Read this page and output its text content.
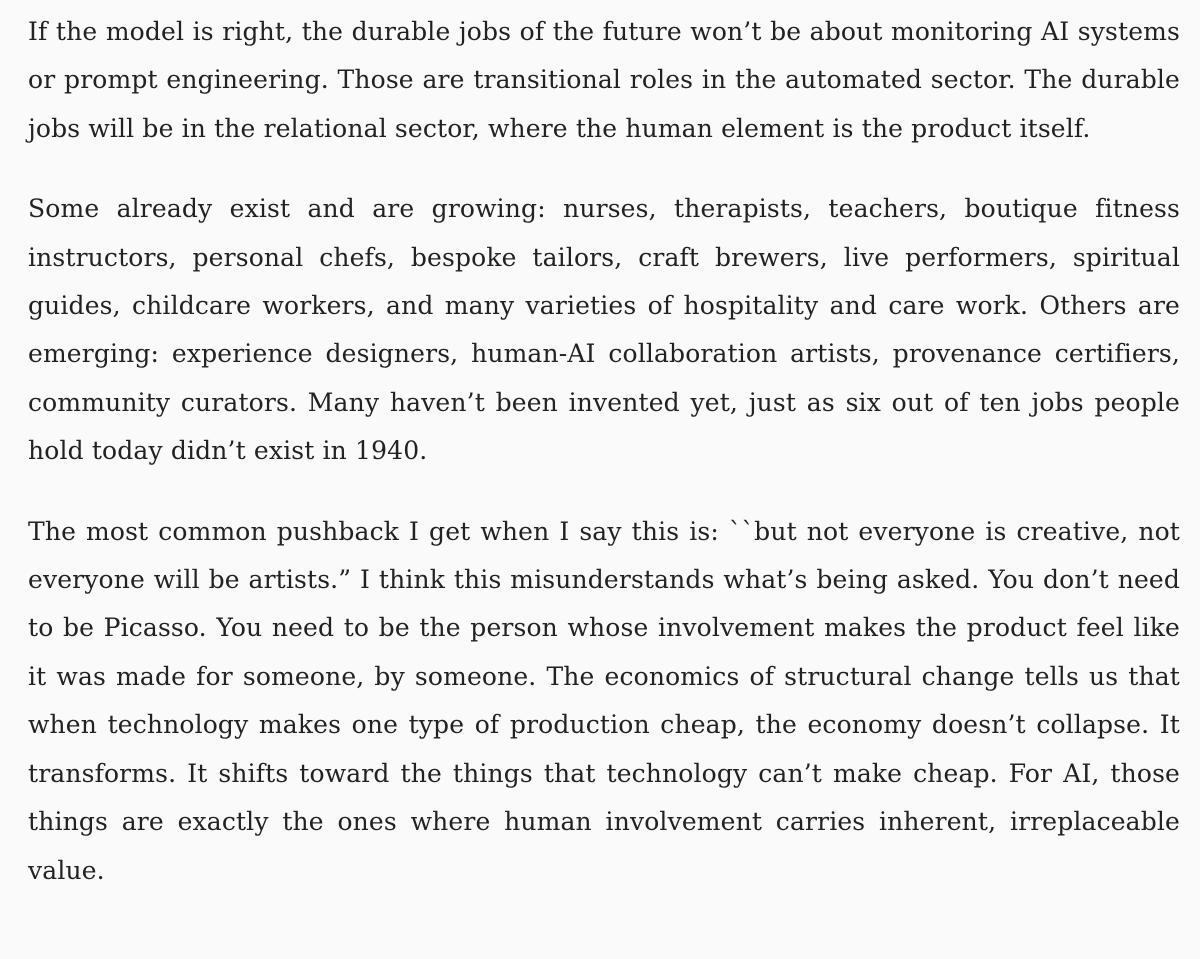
If the model is right, the durable jobs of the future won’t be about monitoring AI systems or prompt engineering. Those are transitional roles in the automated sector. The durable jobs will be in the relational sector, where the human element is the product itself.

Some already exist and are growing: nurses, therapists, teachers, boutique fitness instructors, personal chefs, bespoke tailors, craft brewers, live performers, spiritual guides, childcare workers, and many varieties of hospitality and care work. Others are emerging: experience designers, human-AI collaboration artists, provenance certifiers, community curators. Many haven’t been invented yet, just as six out of ten jobs people hold today didn’t exist in 1940.

The most common pushback I get when I say this is: ``but not everyone is creative, not everyone will be artists.” I think this misunderstands what’s being asked. You don’t need to be Picasso. You need to be the person whose involvement makes the product feel like it was made for someone, by someone. The economics of structural change tells us that when technology makes one type of production cheap, the economy doesn’t collapse. It transforms. It shifts toward the things that technology can’t make cheap. For AI, those things are exactly the ones where human involvement carries inherent, irreplaceable value.
